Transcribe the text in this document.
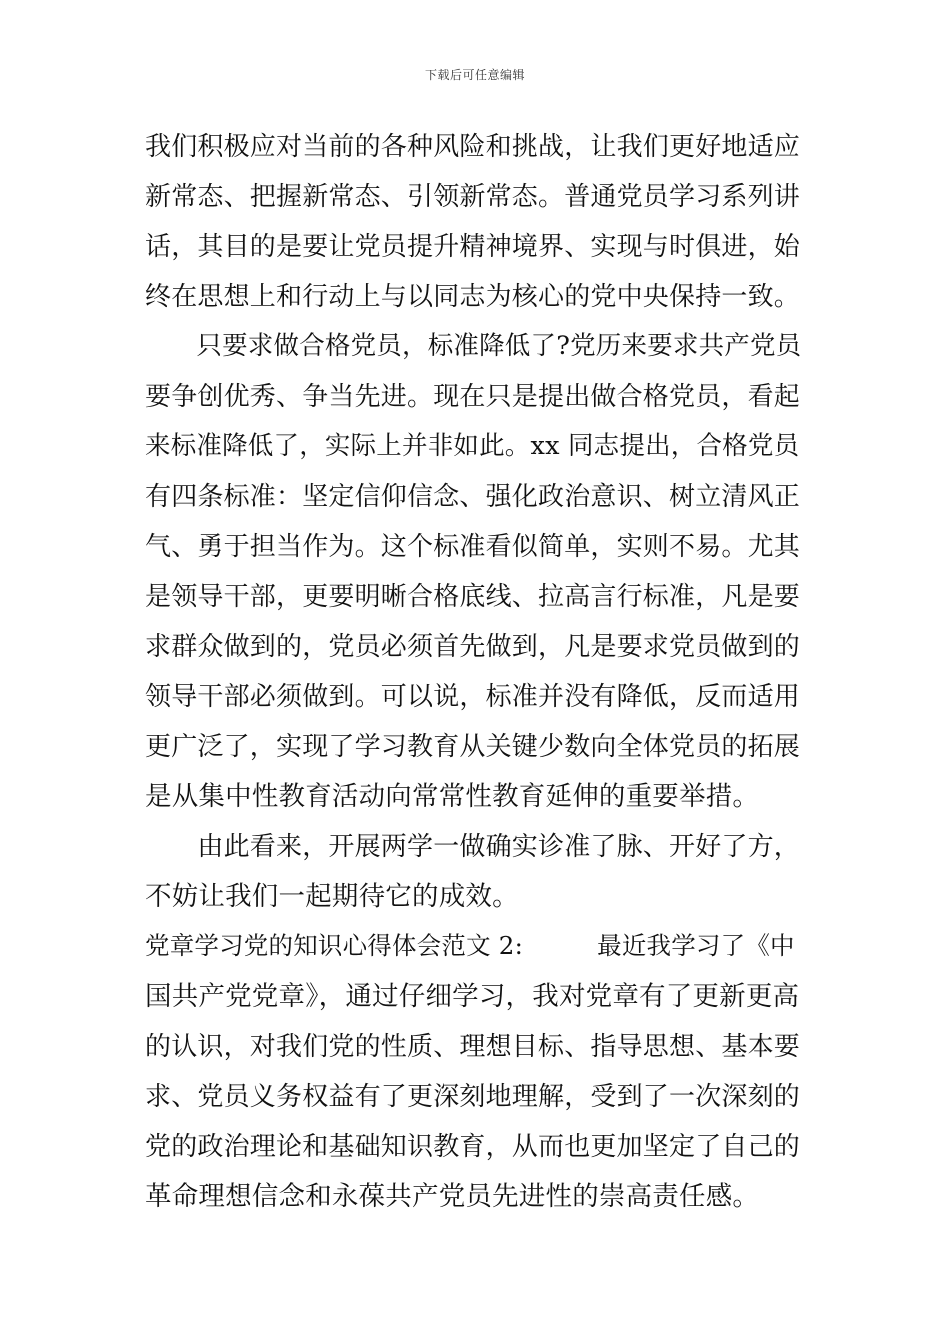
下载后可任意编辑
我们积极应对当前的各种风险和挑战，让我们更好地适应
新常态、把握新常态、引领新常态。普通党员学习系列讲
话，其目的是要让党员提升精神境界、实现与时俱进，始
终在思想上和行动上与以同志为核心的党中央保持一致。
　　只要求做合格党员，标准降低了?党历来要求共产党员
要争创优秀、争当先进。现在只是提出做合格党员，看起
来标准降低了，实际上并非如此。xx 同志提出，合格党员
有四条标准：坚定信仰信念、强化政治意识、树立清风正
气、勇于担当作为。这个标准看似简单，实则不易。尤其
是领导干部，更要明晰合格底线、拉高言行标准，凡是要
求群众做到的，党员必须首先做到，凡是要求党员做到的
领导干部必须做到。可以说，标准并没有降低，反而适用
更广泛了，实现了学习教育从关键少数向全体党员的拓展
是从集中性教育活动向常常性教育延伸的重要举措。
　　由此看来，开展两学一做确实诊准了脉、开好了方，
不妨让我们一起期待它的成效。
党章学习党的知识心得体会范文 2:　　　最近我学习了《中
国共产党党章》，通过仔细学习，我对党章有了更新更高
的认识，对我们党的性质、理想目标、指导思想、基本要
求、党员义务权益有了更深刻地理解，受到了一次深刻的
党的政治理论和基础知识教育，从而也更加坚定了自己的
革命理想信念和永葆共产党员先进性的崇高责任感。
